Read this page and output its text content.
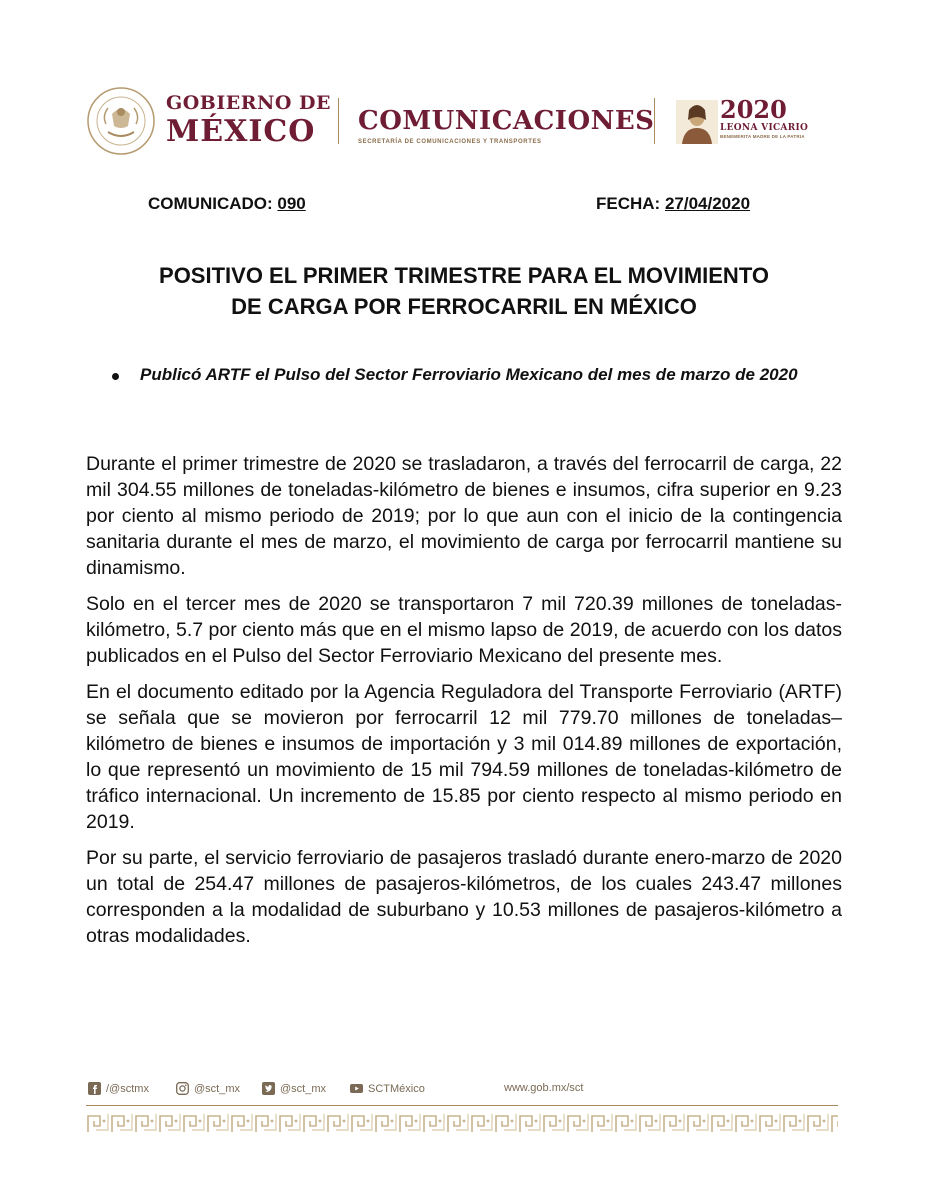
GOBIERNO DE
MÉXICO	COMUNICACIONES
SECRETARÍA DE COMUNICACIONES Y TRANSPORTES
2020
LEONA VICARIO
BENEMÉRITA MADRE DE LA PATRIA
COMUNICADO: 090	FECHA: 27/04/2020
POSITIVO EL PRIMER TRIMESTRE PARA EL MOVIMIENTO
DE CARGA POR FERROCARRIL EN MÉXICO
Publicó ARTF el Pulso del Sector Ferroviario Mexicano del mes de marzo de 2020

Durante el primer trimestre de 2020 se trasladaron, a través del ferrocarril de carga, 22 mil 304.55 millones de toneladas-kilómetro de bienes e insumos, cifra superior en 9.23 por ciento al mismo periodo de 2019; por lo que aun con el inicio de la contingencia sanitaria durante el mes de marzo, el movimiento de carga por ferrocarril mantiene su dinamismo.

Solo en el tercer mes de 2020 se transportaron 7 mil 720.39 millones de toneladas-kilómetro, 5.7 por ciento más que en el mismo lapso de 2019, de acuerdo con los datos publicados en el Pulso del Sector Ferroviario Mexicano del presente mes.

En el documento editado por la Agencia Reguladora del Transporte Ferroviario (ARTF) se señala que se movieron por ferrocarril 12 mil 779.70 millones de toneladas–kilómetro de bienes e insumos de importación y 3 mil 014.89 millones de exportación, lo que representó un movimiento de 15 mil 794.59 millones de toneladas-kilómetro de tráfico internacional. Un incremento de 15.85 por ciento respecto al mismo periodo en 2019.

Por su parte, el servicio ferroviario de pasajeros trasladó durante enero-marzo de 2020 un total de 254.47 millones de pasajeros-kilómetros, de los cuales 243.47 millones corresponden a la modalidad de suburbano y 10.53 millones de pasajeros-kilómetro a otras modalidades.

/@sctmx	@sct_mx	@sct_mx	SCTMéxico	www.gob.mx/sct
